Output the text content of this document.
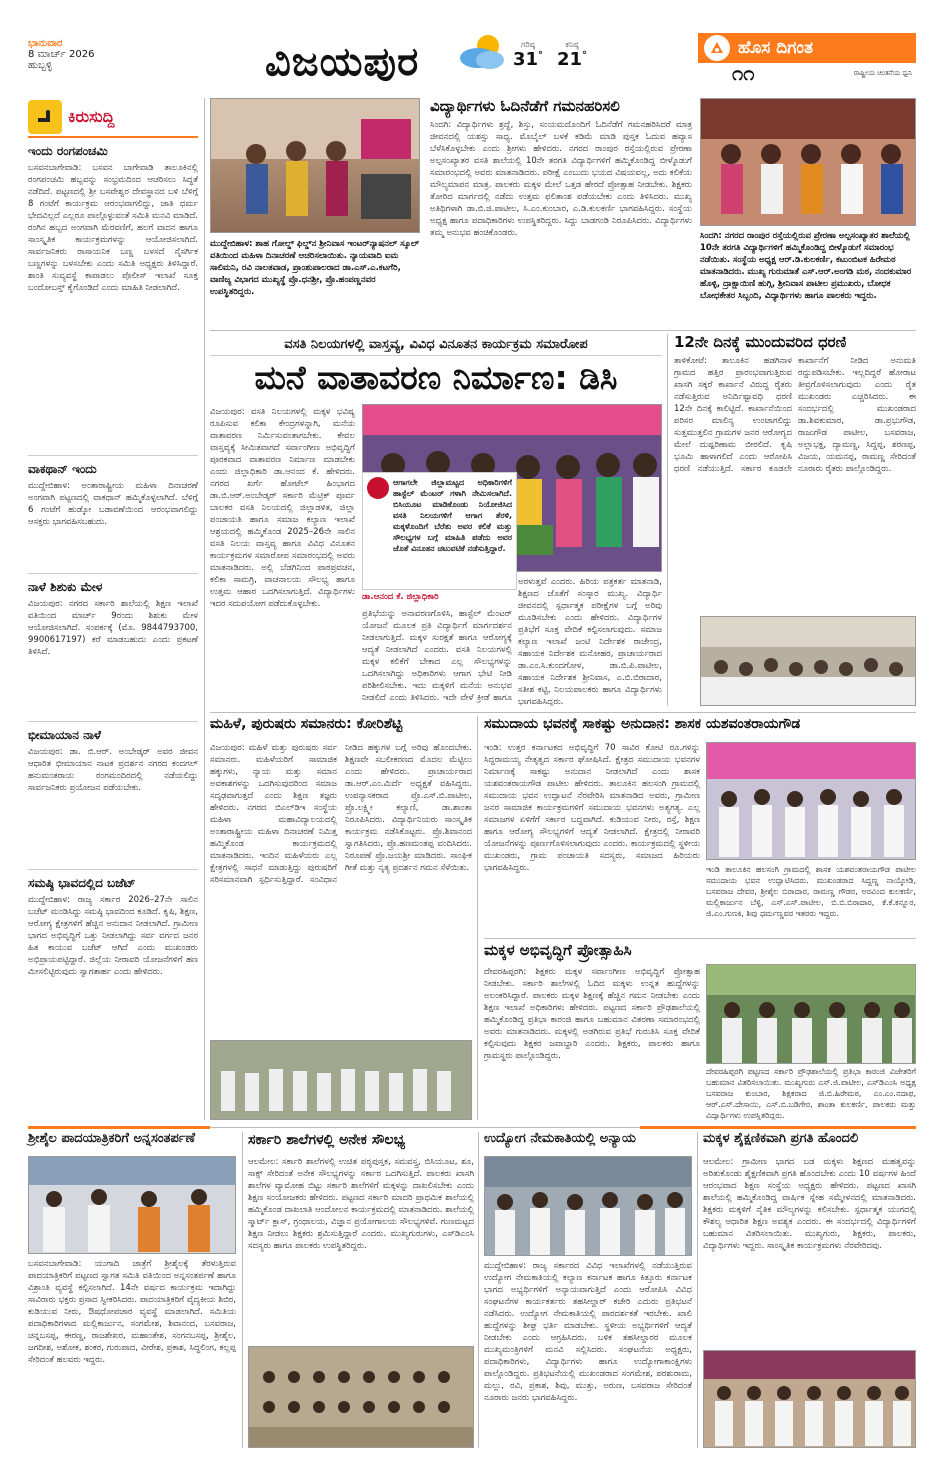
ಭಾನುವಾರ
8 ಮಾರ್ಚ್ 2026
ಹುಬ್ಬಳ್ಳಿ	ವಿಜಯಪುರ	ಗರಿಷ್ಠ
31°
ಕನಿಷ್ಠ
21°	ಹೊಸ ದಿಗಂತ
೧೧	ರಾಷ್ಟ್ರೀಯ ಚಿಂತನೆಯ ಧ್ವನಿ
ಕಿರುಸುದ್ದಿ
ಇಂದು ರಂಗಪಂಚಮಿ
ಬಸವನಬಾಗೇವಾಡಿ: ಬಸವನ ಬಾಗೇವಾಡಿ ತಾಲೂಕಿನಲ್ಲಿ ರಂಗಪಂಚಮಿ ಹಬ್ಬವನ್ನು ಸಂಭ್ರಮದಿಂದ ಆಚರಿಸಲು ಸಿದ್ಧತೆ ನಡೆದಿದೆ. ಪಟ್ಟಣದಲ್ಲಿ ಶ್ರೀ ಬಸವೇಶ್ವರ ದೇವಸ್ಥಾನದ ಬಳಿ ಬೆಳಿಗ್ಗೆ 8 ಗಂಟೆಗೆ ಕಾರ್ಯಕ್ರಮ ಆರಂಭವಾಗಲಿದ್ದು, ಜಾತಿ ಧರ್ಮ ಭೇದವಿಲ್ಲದೆ ಎಲ್ಲರೂ ಪಾಲ್ಗೊಳ್ಳುವಂತೆ ಸಮಿತಿ ಮನವಿ ಮಾಡಿದೆ. ರಂಗಿನ ಹಬ್ಬದ ಅಂಗವಾಗಿ ಮೆರವಣಿಗೆ, ಹಲಗೆ ವಾದನ ಹಾಗೂ ಸಾಂಸ್ಕೃತಿಕ ಕಾರ್ಯಕ್ರಮಗಳನ್ನು ಆಯೋಜಿಸಲಾಗಿದೆ. ಸಾರ್ವಜನಿಕರು ರಾಸಾಯನಿಕ ಬಣ್ಣ ಬಳಸದೆ ನೈಸರ್ಗಿಕ ಬಣ್ಣಗಳನ್ನು ಬಳಸಬೇಕು ಎಂದು ಸಮಿತಿ ಅಧ್ಯಕ್ಷರು ತಿಳಿಸಿದ್ದಾರೆ. ಶಾಂತಿ ಸುವ್ಯವಸ್ಥೆ ಕಾಪಾಡಲು ಪೊಲೀಸ್ ಇಲಾಖೆ ಸೂಕ್ತ ಬಂದೋಬಸ್ತ್ ಕೈಗೊಂಡಿದೆ ಎಂದು ಮಾಹಿತಿ ನೀಡಲಾಗಿದೆ.
ವಾಕಥಾನ್ ಇಂದು
ಮುದ್ದೇಬಿಹಾಳ: ಅಂತಾರಾಷ್ಟ್ರೀಯ ಮಹಿಳಾ ದಿನಾಚರಣೆ ಅಂಗವಾಗಿ ಪಟ್ಟಣದಲ್ಲಿ ವಾಕಥಾನ್ ಹಮ್ಮಿಕೊಳ್ಳಲಾಗಿದೆ. ಬೆಳಿಗ್ಗೆ 6 ಗಂಟೆಗೆ ಹುಡ್ಕೋ ಬಡಾವಣೆಯಿಂದ ಆರಂಭವಾಗಲಿದ್ದು ಆಸಕ್ತರು ಭಾಗವಹಿಸಬಹುದು.
ನಾಳೆ ಶಿಶುಕು ಮೇಳ
ವಿಜಯಪುರ: ನಗರದ ಸರ್ಕಾರಿ ಶಾಲೆಯಲ್ಲಿ ಶಿಕ್ಷಣ ಇಲಾಖೆ ವತಿಯಿಂದ ಮಾರ್ಚ್ 9ರಂದು ಶಿಶುಕು ಮೇಳ ಆಯೋಜಿಸಲಾಗಿದೆ. ಸಂಪರ್ಕಕ್ಕೆ (ಮೊ. 9844793700, 9900617197) ಕರೆ ಮಾಡಬಹುದು ಎಂದು ಪ್ರಕಟಣೆ ತಿಳಿಸಿದೆ.
ಭೀಮಾಯಾನ ನಾಳೆ
ವಿಜಯಪುರ: ಡಾ. ಬಿ.ಆರ್. ಅಂಬೇಡ್ಕರ್ ಅವರ ಜೀವನ ಆಧಾರಿತ ಭೀಮಾಯಾನ ನಾಟಕ ಪ್ರದರ್ಶನ ನಗರದ ಕಂದಗಲ್ ಹನುಮಂತರಾಯ ರಂಗಮಂದಿರದಲ್ಲಿ ನಡೆಯಲಿದ್ದು ಸಾರ್ವಜನಿಕರು ಪ್ರಯೋಜನ ಪಡೆಯಬೇಕು.
ಸಮಷ್ಠಿ ಭಾವದಲ್ಲಿದ ಬಜೆಟ್
ಮುದ್ದೇಬಿಹಾಳ: ರಾಜ್ಯ ಸರ್ಕಾರ 2026–27ನೇ ಸಾಲಿನ ಬಜೆಟ್ ಮಂಡಿಸಿದ್ದು ಸಮಷ್ಠಿ ಭಾವದಿಂದ ಕೂಡಿದೆ. ಕೃಷಿ, ಶಿಕ್ಷಣ, ಆರೋಗ್ಯ ಕ್ಷೇತ್ರಗಳಿಗೆ ಹೆಚ್ಚಿನ ಅನುದಾನ ನೀಡಲಾಗಿದೆ. ಗ್ರಾಮೀಣ ಭಾಗದ ಅಭಿವೃದ್ಧಿಗೆ ಒತ್ತು ನೀಡಲಾಗಿದ್ದು ಸರ್ವ ವರ್ಗದ ಜನರ ಹಿತ ಕಾಯುವ ಬಜೆಟ್ ಆಗಿದೆ ಎಂದು ಮುಖಂಡರು ಅಭಿಪ್ರಾಯಪಟ್ಟಿದ್ದಾರೆ. ಜಿಲ್ಲೆಯ ನೀರಾವರಿ ಯೋಜನೆಗಳಿಗೆ ಹಣ ಮೀಸಲಿಟ್ಟಿರುವುದು ಸ್ವಾಗತಾರ್ಹ ಎಂದು ಹೇಳಿದರು.
ಮುದ್ದೇಬಿಹಾಳ: ಶಾಹ ಗೋಲ್ಡ್ ಫಿಲ್ಡ್‌ನ ಶ್ರೀನಿವಾಸ ಇಂಟರ್‌ನ್ಯಾಷನಲ್ ಸ್ಕೂಲ್ ವತಿಯಿಂದ ಮಹಿಳಾ ದಿನಾಚರಣೆ ಆಚರಿಸಲಾಯಿತು. ನ್ಯಾಯವಾದಿ ಐಮ ಸಾಲಿಮನಿ, ರವಿ ನಾಲತವಾಡ, ಪ್ರಾಂಶುಪಾಲರಾದ ಡಾ.ಎಸ್.ಎ.ಕಟಗೆರಿ, ವಾಣಿಜ್ಯ ವಿಭಾಗದ ಮುಖ್ಯಸ್ಥೆ ಪ್ರೊ.ಧನಶ್ರೀ, ಪ್ರೊ.ಹಂಪಣ್ಣನವರ ಉಪಸ್ಥಿತರಿದ್ದರು.
ವಿದ್ಯಾರ್ಥಿಗಳು ಓದಿನೆಡೆಗೆ ಗಮನಹರಿಸಲಿ
ಸಿಂದಗಿ: ವಿದ್ಯಾರ್ಥಿಗಳು ಶ್ರದ್ಧೆ, ಶಿಸ್ತು, ಸಂಯಮದೊಂದಿಗೆ ಓದಿನೆಡೆಗೆ ಗಮನಹರಿಸಿದರೆ ಮಾತ್ರ ಜೀವನದಲ್ಲಿ ಯಶಸ್ಸು ಸಾಧ್ಯ. ಮೊಬೈಲ್ ಬಳಕೆ ಕಡಿಮೆ ಮಾಡಿ ಪುಸ್ತಕ ಓದುವ ಹವ್ಯಾಸ ಬೆಳೆಸಿಕೊಳ್ಳಬೇಕು ಎಂದು ಶ್ರೀಗಳು ಹೇಳಿದರು. ನಗರದ ರಾಂಪುರ ರಸ್ತೆಯಲ್ಲಿರುವ ಪ್ರೇರಣಾ ಅಲ್ಪಸಂಖ್ಯಾತರ ವಸತಿ ಶಾಲೆಯಲ್ಲಿ 10ನೇ ತರಗತಿ ವಿದ್ಯಾರ್ಥಿಗಳಿಗೆ ಹಮ್ಮಿಕೊಂಡಿದ್ದ ಬೀಳ್ಕೊಡುಗೆ ಸಮಾರಂಭದಲ್ಲಿ ಅವರು ಮಾತನಾಡಿದರು. ಪರೀಕ್ಷೆ ಎಂಬುದು ಭಯದ ವಿಷಯವಲ್ಲ, ಅದು ಕಲಿಕೆಯ ಮೌಲ್ಯಮಾಪನ ಮಾತ್ರ. ಪಾಲಕರು ಮಕ್ಕಳ ಮೇಲೆ ಒತ್ತಡ ಹೇರದೆ ಪ್ರೋತ್ಸಾಹ ನೀಡಬೇಕು. ಶಿಕ್ಷಕರು ತೋರಿದ ಮಾರ್ಗದಲ್ಲಿ ನಡೆದು ಉತ್ತಮ ಫಲಿತಾಂಶ ಪಡೆಯಬೇಕು ಎಂದು ತಿಳಿಸಿದರು. ಮುಖ್ಯ ಅತಿಥಿಗಳಾಗಿ ಡಾ.ಬಿ.ಜಿ.ಪಾಟೀಲ, ಸಿ.ಎಂ.ಕುಂಬಾರ, ಎ.ಡಿ.ಕುಲಕರ್ಣಿ ಭಾಗವಹಿಸಿದ್ದರು. ಸಂಸ್ಥೆಯ ಅಧ್ಯಕ್ಷ ಹಾಗೂ ಪದಾಧಿಕಾರಿಗಳು ಉಪಸ್ಥಿತರಿದ್ದರು. ಸಿದ್ದು ಬಾಡಗಂಡಿ ನಿರೂಪಿಸಿದರು. ವಿದ್ಯಾರ್ಥಿಗಳು ತಮ್ಮ ಅನುಭವ ಹಂಚಿಕೊಂಡರು.	ಸಿಂದಗಿ: ನಗರದ ರಾಂಪುರ ರಸ್ತೆಯಲ್ಲಿರುವ ಪ್ರೇರಣಾ ಅಲ್ಪಸಂಖ್ಯಾತರ ಶಾಲೆಯಲ್ಲಿ 10ನೇ ತರಗತಿ ವಿದ್ಯಾರ್ಥಿಗಳಿಗೆ ಹಮ್ಮಿಕೊಂಡಿದ್ದ ಬೀಳ್ಕೊಡುಗೆ ಸಮಾರಂಭ ನಡೆಯಿತು. ಸಂಸ್ಥೆಯ ಅಧ್ಯಕ್ಷ ಆರ್.ಡಿ.ಕುಲಕರ್ಣಿ, ಕಟುಂಬಿಟಕ ಹಿರೇಮಠ ಮಾತನಾಡಿದರು. ಮುಖ್ಯ ಗುರುಮಾತೆ ಎಸ್.ಆರ್.ಅಂಗಡಿ ಮಠ, ನಂದಕುಮಾರ ಹೊಳ್ಳಿ, ದ್ರಾಕ್ಷಾಯಿಣಿ ಹುಗ್ಗಿ, ಶ್ರೀನಿವಾಸ ಪಾಟೀಲ ಪ್ರಮುಖರು, ಬೋಧಕ ಬೋಧಕೇತರ ಸಿಬ್ಬಂದಿ, ವಿದ್ಯಾರ್ಥಿಗಳು ಹಾಗೂ ಪಾಲಕರು ಇದ್ದರು.
ವಸತಿ ನಿಲಯಗಳಲ್ಲಿ ವಾಸ್ತವ್ಯ, ವಿವಿಧ ವಿನೂತನ ಕಾರ್ಯಕ್ರಮ ಸಮಾರೋಪ
ಮನೆ ವಾತಾವರಣ ನಿರ್ಮಾಣ: ಡಿಸಿ
ವಿಜಯಪುರ: ವಸತಿ ನಿಲಯಗಳಲ್ಲಿ ಮಕ್ಕಳ ಭವಿಷ್ಯ ರೂಪಿಸುವ ಕಲಿಕಾ ಕೇಂದ್ರಗಳನ್ನಾಗಿ, ಮನೆಯ ವಾತಾವರಣ ನಿರ್ಮಿಸುವಂತಾಗಬೇಕು. ಕೇವಲ ವಾಸ್ತವ್ಯಕ್ಕೆ ಸೀಮಿತವಾಗದೆ ಸರ್ವಾಂಗೀಣ ಅಭಿವೃದ್ಧಿಗೆ ಪೂರಕವಾದ ವಾತಾವರಣ ನಿರ್ಮಾಣ ಮಾಡಬೇಕು ಎಂದು ಜಿಲ್ಲಾಧಿಕಾರಿ ಡಾ.ಆನಂದ ಕೆ. ಹೇಳಿದರು. ನಗರದ ಖರ್ಗೆ ಹೋಟೆಲ್ ಹಿಂಭಾಗದ ಡಾ.ಬಿ.ಆರ್.ಅಂಬೇಡ್ಕರ್ ಸರ್ಕಾರಿ ಮೆಟ್ರಿಕ್ ಪೂರ್ವ ಬಾಲಕರ ವಸತಿ ನಿಲಯದಲ್ಲಿ ಜಿಲ್ಲಾಡಳಿತ, ಜಿಲ್ಲಾ ಪಂಚಾಯತಿ ಹಾಗೂ ಸಮಾಜ ಕಲ್ಯಾಣ ಇಲಾಖೆ ಆಶ್ರಯದಲ್ಲಿ ಹಮ್ಮಿಕೊಂಡ 2025–26ನೇ ಸಾಲಿನ ವಸತಿ ನಿಲಯ ವಾಸ್ತವ್ಯ ಹಾಗೂ ವಿವಿಧ ವಿನೂತನ ಕಾರ್ಯಕ್ರಮಗಳ ಸಮಾರೋಪ ಸಮಾರಂಭದಲ್ಲಿ ಅವರು ಮಾತನಾಡಿದರು. ಅಲ್ಲಿ ಬೆಡಗಿನಿಂದ ಪಾಠಪ್ರವಚನ, ಕಲಿಕಾ ಸಾಮಗ್ರಿ, ವಾಚನಾಲಯ ಸೌಲಭ್ಯ ಹಾಗೂ ಉತ್ತಮ ಆಹಾರ ಒದಗಿಸಲಾಗುತ್ತಿದೆ. ವಿದ್ಯಾರ್ಥಿಗಳು ಇದರ ಸದುಪಯೋಗ ಪಡೆದುಕೊಳ್ಳಬೇಕು.
ಆಗಾಗಲೇ ಜಿಲ್ಲಾಮಟ್ಟದ ಅಧಿಕಾರಿಗಳಿಗೆ ಹಾಸ್ಟೆಲ್ ಮೆಂಟರ್ ಗಳಾಗಿ ನೇಮಿಸಲಾಗಿದೆ. ಬಿಸಿಯೂಟ ಮಾಡಿಕೊಂಡು ನಿಯೋಜಿಸಿದ ವಸತಿ ನಿಲಯಗಳಿಗೆ ಆಗಾಗ ತೆರಳಿ, ಮಕ್ಕಳೊಂದಿಗೆ ಬೆರೆತು ಅವರ ಕಲಿಕೆ ಮತ್ತು ಸೌಲಭ್ಯಗಳ ಬಗ್ಗೆ ಮಾಹಿತಿ ಪಡೆದು ಅವರ ಜೊತೆ ವಿನೂತನ ಚಟುವಟಿಕೆ ನಡೆಸುತ್ತಿದ್ದಾರೆ.
ಡಾ.ಆನಂದ ಕೆ. ಜಿಲ್ಲಾಧಿಕಾರಿ
ಅರಳುತ್ತವೆ ಎಂದರು. ಹಿರಿಯ ಪತ್ರಕರ್ತ ಮಾತನಾಡಿ, ಶಿಕ್ಷಣದ ಜೊತೆಗೆ ಸಂಸ್ಕಾರ ಮುಖ್ಯ. ವಿದ್ಯಾರ್ಥಿ ಜೀವನದಲ್ಲಿ ಸ್ಪರ್ಧಾತ್ಮಕ ಪರೀಕ್ಷೆಗಳ ಬಗ್ಗೆ ಅರಿವು ಮೂಡಿಸಬೇಕು ಎಂದು ಹೇಳಿದರು. ವಿದ್ಯಾರ್ಥಿಗಳ ಪ್ರತಿಭೆಗೆ ಸೂಕ್ತ ವೇದಿಕೆ ಕಲ್ಪಿಸಲಾಗುವುದು. ಸಮಾಜ ಕಲ್ಯಾಣ ಇಲಾಖೆ ಜಂಟಿ ನಿರ್ದೇಶಕ ರಾಜೇಂದ್ರ, ಸಹಾಯಕ ನಿರ್ದೇಶಕ ಮನೋಹರ, ಪ್ರಾಚಾರ್ಯರಾದ ಡಾ.ಎಂ.ಸಿ.ಕುಂದಗೋಳ, ಡಾ.ಬಿ.ಪಿ.ಪಾಟೀಲ, ಸಹಾಯಕ ನಿರ್ದೇಶಕ ಶ್ರೀನಿವಾಸ, ಎ.ಬಿ.ಬಿರಾದಾರ, ಸತೀಶ ಕಟ್ಟಿ, ನಿಲಯಪಾಲಕರು ಹಾಗೂ ವಿದ್ಯಾರ್ಥಿಗಳು ಭಾಗವಹಿಸಿದ್ದರು.
ಪ್ರತಿಭೆಯನ್ನು ಅನಾವರಣಗೊಳಿಸಿ, ಹಾಸ್ಟೆಲ್ ಮೆಂಟರ್ ಯೋಜನೆ ಮೂಲಕ ಪ್ರತಿ ವಿದ್ಯಾರ್ಥಿಗೆ ಮಾರ್ಗದರ್ಶನ ನೀಡಲಾಗುತ್ತಿದೆ. ಮಕ್ಕಳ ಸುರಕ್ಷತೆ ಹಾಗೂ ಆರೋಗ್ಯಕ್ಕೆ ಆದ್ಯತೆ ನೀಡಲಾಗಿದೆ ಎಂದರು. ವಸತಿ ನಿಲಯಗಳಲ್ಲಿ ಮಕ್ಕಳ ಕಲಿಕೆಗೆ ಬೇಕಾದ ಎಲ್ಲ ಸೌಲಭ್ಯಗಳನ್ನು ಒದಗಿಸಲಾಗಿದ್ದು ಅಧಿಕಾರಿಗಳು ಆಗಾಗ ಭೇಟಿ ನೀಡಿ ಪರಿಶೀಲಿಸಬೇಕು. ಇದು ಮಕ್ಕಳಿಗೆ ಮನೆಯ ಅನುಭವ ನೀಡಲಿದೆ ಎಂದು ತಿಳಿಸಿದರು. ಇದೇ ವೇಳೆ ಕ್ರೀಡೆ ಹಾಗೂ
12ನೇ ದಿನಕ್ಕೆ ಮುಂದುವರಿದ ಧರಣಿ
ತಾಳಿಕೋಟೆ: ತಾಲೂಕಿನ ಹಡಗಿನಾಳ ಗ್ರಾಮದ ಹತ್ತಿರ ಪ್ರಾರಂಭವಾಗುತ್ತಿರುವ ಖಾಸಗಿ ಸಕ್ಕರೆ ಕಾರ್ಖಾನೆ ವಿರುದ್ಧ ರೈತರು ನಡೆಸುತ್ತಿರುವ ಅನಿರ್ದಿಷ್ಟಾವಧಿ ಧರಣಿ 12ನೇ ದಿನಕ್ಕೆ ಕಾಲಿಟ್ಟಿದೆ. ಕಾರ್ಖಾನೆಯಿಂದ ಪರಿಸರ ಮಾಲಿನ್ಯ ಉಂಟಾಗಲಿದ್ದು ಸುತ್ತಮುತ್ತಲಿನ ಗ್ರಾಮಗಳ ಜನರ ಆರೋಗ್ಯದ ಮೇಲೆ ದುಷ್ಪರಿಣಾಮ ಬೀರಲಿದೆ. ಕೃಷಿ ಭೂಮಿ ಹಾಳಾಗಲಿದೆ ಎಂದು ಆರೋಪಿಸಿ ಧರಣಿ ನಡೆಯುತ್ತಿದೆ. ಸರ್ಕಾರ ಕೂಡಲೇ ಕಾರ್ಖಾನೆಗೆ ನೀಡಿದ ಅನುಮತಿ ರದ್ದುಪಡಿಸಬೇಕು. ಇಲ್ಲದಿದ್ದರೆ ಹೋರಾಟ ತೀವ್ರಗೊಳಿಸಲಾಗುವುದು ಎಂದು ರೈತ ಮುಖಂಡರು ಎಚ್ಚರಿಸಿದರು. ಈ ಸಂದರ್ಭದಲ್ಲಿ ಮುಖಂಡರಾದ ಡಾ.ಶಿವಕುಮಾರ, ಡಾ.ಪ್ರಭುಗೌಡ, ರಾಜುಗೌಡ ಪಾಟೀಲ, ಬಸವರಾಜ, ಅಲ್ಲಾಭಕ್ಷ, ದ್ಯಾಮಣ್ಣ, ಸಿದ್ದಪ್ಪ, ಶರಣಪ್ಪ, ವಿಜಯ, ಯಮನಪ್ಪ, ರಾಮಣ್ಣ ಸೇರಿದಂತೆ ನೂರಾರು ರೈತರು ಪಾಲ್ಗೊಂಡಿದ್ದರು.
ಮಹಿಳೆ, ಪುರುಷರು ಸಮಾನರು: ಕೋರಿಶೆಟ್ಟಿ
ವಿಜಯಪುರ: ಮಹಿಳೆ ಮತ್ತು ಪುರುಷರು ಸರ್ವ ಸಮಾನರು. ಮಹಿಳೆಯರಿಗೆ ಸಾಮಾಜಿಕ ಹಕ್ಕುಗಳು, ನ್ಯಾಯ ಮತ್ತು ಸಮಾನ ಅವಕಾಶಗಳನ್ನು ಒದಗಿಸುವುದರಿಂದ ಸಮಾಜ ಸದೃಢವಾಗುತ್ತದೆ ಎಂದು ಶಿಕ್ಷಣ ತಜ್ಞರು ಹೇಳಿದರು. ನಗರದ ಬಿಎಲ್‌ಡಿಇ ಸಂಸ್ಥೆಯ ಮಹಿಳಾ ಮಹಾವಿದ್ಯಾಲಯದಲ್ಲಿ ಅಂತಾರಾಷ್ಟ್ರೀಯ ಮಹಿಳಾ ದಿನಾಚರಣೆ ನಿಮಿತ್ತ ಹಮ್ಮಿಕೊಂಡ ಕಾರ್ಯಕ್ರಮದಲ್ಲಿ ಮಾತನಾಡಿದರು. ಇಂದಿನ ಮಹಿಳೆಯರು ಎಲ್ಲ ಕ್ಷೇತ್ರಗಳಲ್ಲಿ ಸಾಧನೆ ಮಾಡುತ್ತಿದ್ದು ಪುರುಷರಿಗೆ ಸರಿಸಮಾನವಾಗಿ ಸ್ಪರ್ಧಿಸುತ್ತಿದ್ದಾರೆ. ಸಂವಿಧಾನ ನೀಡಿದ ಹಕ್ಕುಗಳ ಬಗ್ಗೆ ಅರಿವು ಹೊಂದಬೇಕು. ಶಿಕ್ಷಣವೇ ಸಬಲೀಕರಣದ ಮೊದಲ ಮೆಟ್ಟಿಲು ಎಂದು ಹೇಳಿದರು. ಪ್ರಾಚಾರ್ಯರಾದ ಡಾ.ಆರ್.ಎಂ.ಮಿರ್ದೆ ಅಧ್ಯಕ್ಷತೆ ವಹಿಸಿದ್ದರು. ಉಪನ್ಯಾಸಕರಾದ ಪ್ರೊ.ಎಸ್.ಬಿ.ಪಾಟೀಲ, ಪ್ರೊ.ಲಕ್ಷ್ಮೀ ಕಲ್ಯಾಣಿ, ಡಾ.ಶಾಂತಾ ನಿರೂಪಿಸಿದರು. ವಿದ್ಯಾರ್ಥಿನಿಯರು ಸಾಂಸ್ಕೃತಿಕ ಕಾರ್ಯಕ್ರಮ ನಡೆಸಿಕೊಟ್ಟರು. ಪ್ರೊ.ಶಿವಾನಂದ ಸ್ವಾಗತಿಸಿದರು, ಪ್ರೊ.ಹಣಮಂತಪ್ಪ ವಂದಿಸಿದರು. ನಿರೂಪಣೆ ಪ್ರೊ.ಜಯಶ್ರೀ ಮಾಡಿದರು. ಸಾಂಘಿಕ ಗೀತೆ ಮತ್ತು ನೃತ್ಯ ಪ್ರದರ್ಶನ ಗಮನ ಸೆಳೆಯಿತು.
ಸಮುದಾಯ ಭವನಕ್ಕೆ ಸಾಕಷ್ಟು ಅನುದಾನ: ಶಾಸಕ ಯಶವಂತರಾಯಗೌಡ
ಇಂಡಿ: ಉತ್ತರ ಕರ್ನಾಟಕದ ಅಭಿವೃದ್ಧಿಗೆ 70 ಸಾವಿರ ಕೋಟಿ ರೂ.ಗಳನ್ನು ಸಿದ್ದರಾಮಯ್ಯ ನೇತೃತ್ವದ ಸರ್ಕಾರ ಘೋಷಿಸಿದೆ. ಕ್ಷೇತ್ರದ ಸಮುದಾಯ ಭವನಗಳ ನಿರ್ಮಾಣಕ್ಕೆ ಸಾಕಷ್ಟು ಅನುದಾನ ನೀಡಲಾಗಿದೆ ಎಂದು ಶಾಸಕ ಯಶವಂತರಾಯಗೌಡ ಪಾಟೀಲ ಹೇಳಿದರು. ತಾಲೂಕಿನ ಹಲಸಂಗಿ ಗ್ರಾಮದಲ್ಲಿ ಸಮುದಾಯ ಭವನ ಉದ್ಘಾಟನೆ ನೆರವೇರಿಸಿ ಮಾತನಾಡಿದ ಅವರು, ಗ್ರಾಮೀಣ ಜನರ ಸಾಮಾಜಿಕ ಕಾರ್ಯಕ್ರಮಗಳಿಗೆ ಸಮುದಾಯ ಭವನಗಳು ಅತ್ಯಗತ್ಯ. ಎಲ್ಲ ಸಮಾಜಗಳ ಏಳಿಗೆಗೆ ಸರ್ಕಾರ ಬದ್ಧವಾಗಿದೆ. ಕುಡಿಯುವ ನೀರು, ರಸ್ತೆ, ಶಿಕ್ಷಣ ಹಾಗೂ ಆರೋಗ್ಯ ಸೌಲಭ್ಯಗಳಿಗೆ ಆದ್ಯತೆ ನೀಡಲಾಗಿದೆ. ಕ್ಷೇತ್ರದಲ್ಲಿ ನೀರಾವರಿ ಯೋಜನೆಗಳನ್ನು ಪೂರ್ಣಗೊಳಿಸಲಾಗುವುದು ಎಂದರು. ಕಾರ್ಯಕ್ರಮದಲ್ಲಿ ಸ್ಥಳೀಯ ಮುಖಂಡರು, ಗ್ರಾಮ ಪಂಚಾಯತಿ ಸದಸ್ಯರು, ಸಮಾಜದ ಹಿರಿಯರು ಭಾಗವಹಿಸಿದ್ದರು.	ಇಂಡಿ ತಾಲೂಕಿನ ಹಲಸಂಗಿ ಗ್ರಾಮದಲ್ಲಿ ಶಾಸಕ ಯಶವಂತರಾಯಗೌಡ ಪಾಟೀಲ ಸಮುದಾಯ ಭವನ ಉದ್ಘಾಟಿಸಿದರು. ಮುಖಂಡರಾದ ಸಿದ್ದಣ್ಣ ನಾಯ್ಕೋಡಿ, ಬಸವರಾಜ ದೇವರ, ಶ್ರೀಶೈಲ ಬಿರಾದಾರ, ರಾಮಣ್ಣ ಗೌಡರ, ಅರವಿಂದ ಕುಲಕರ್ಣಿ, ಮಲ್ಲಿಕಾರ್ಜುನ ಬೆಳ್ಳಿ, ಎಸ್.ಎಸ್.ಪಾಟೀಲ, ಬಿ.ಬಿ.ಬಿರಾದಾರ, ಕೆ.ಕೆ.ಕನ್ನೂರ, ಜಿ.ಎಂ.ಗುಣಕಿ, ಶಿವು ಧರ್ಮಣ್ಣವರ ಇತರರು ಇದ್ದರು.
ಮಕ್ಕಳ ಅಭಿವೃದ್ಧಿಗೆ ಪ್ರೋತ್ಸಾಹಿಸಿ
ದೇವರಹಿಪ್ಪರಗಿ: ಶಿಕ್ಷಕರು ಮಕ್ಕಳ ಸರ್ವಾಂಗೀಣ ಅಭಿವೃದ್ಧಿಗೆ ಪ್ರೋತ್ಸಾಹ ನೀಡಬೇಕು. ಸರ್ಕಾರಿ ಶಾಲೆಗಳಲ್ಲಿ ಓದಿದ ಮಕ್ಕಳು ಉನ್ನತ ಹುದ್ದೆಗಳನ್ನು ಅಲಂಕರಿಸಿದ್ದಾರೆ. ಪಾಲಕರು ಮಕ್ಕಳ ಶಿಕ್ಷಣಕ್ಕೆ ಹೆಚ್ಚಿನ ಗಮನ ನೀಡಬೇಕು ಎಂದು ಶಿಕ್ಷಣ ಇಲಾಖೆ ಅಧಿಕಾರಿಗಳು ಹೇಳಿದರು. ಪಟ್ಟಣದ ಸರ್ಕಾರಿ ಪ್ರೌಢಶಾಲೆಯಲ್ಲಿ ಹಮ್ಮಿಕೊಂಡಿದ್ದ ಪ್ರತಿಭಾ ಕಾರಂಜಿ ಹಾಗೂ ಬಹುಮಾನ ವಿತರಣಾ ಸಮಾರಂಭದಲ್ಲಿ ಅವರು ಮಾತನಾಡಿದರು. ಮಕ್ಕಳಲ್ಲಿ ಅಡಗಿರುವ ಪ್ರತಿಭೆ ಗುರುತಿಸಿ ಸೂಕ್ತ ವೇದಿಕೆ ಕಲ್ಪಿಸುವುದು ಶಿಕ್ಷಕರ ಜವಾಬ್ದಾರಿ ಎಂದರು. ಶಿಕ್ಷಕರು, ಪಾಲಕರು ಹಾಗೂ ಗ್ರಾಮಸ್ಥರು ಪಾಲ್ಗೊಂಡಿದ್ದರು.
ದೇವರಹಿಪ್ಪರಗಿ ಪಟ್ಟಣದ ಸರ್ಕಾರಿ ಪ್ರೌಢಶಾಲೆಯಲ್ಲಿ ಪ್ರತಿಭಾ ಕಾರಂಜಿ ವಿಜೇತರಿಗೆ ಬಹುಮಾನ ವಿತರಿಸಲಾಯಿತು. ಮುಖ್ಯಗುರು ಎಸ್.ಜಿ.ಪಾಟೀಲ, ಎಸ್‌ಡಿಎಂಸಿ ಅಧ್ಯಕ್ಷ ಬಸವರಾಜ ಕುಂಬಾರ, ಶಿಕ್ಷಕರಾದ ಜಿ.ಬಿ.ಹಿರೇಮಠ, ಎಂ.ಎಂ.ನದಾಫ, ಆರ್.ಎಸ್.ದೇಸಾಯಿ, ಎಸ್.ಬಿ.ಬಡಿಗೇರ, ಶಾಂತಾ ಕುಲಕರ್ಣಿ, ಪಾಲಕರು ಮತ್ತು ವಿದ್ಯಾರ್ಥಿಗಳು ಉಪಸ್ಥಿತರಿದ್ದರು.
ಶ್ರೀಶೈಲ ಪಾದಯಾತ್ರಿಕರಿಗೆ ಅನ್ನಸಂತರ್ಪಣೆ
ಬಸವನಬಾಗೇವಾಡಿ: ಯುಗಾದಿ ಜಾತ್ರೆಗೆ ಶ್ರೀಶೈಲಕ್ಕೆ ತೆರಳುತ್ತಿರುವ ಪಾದಯಾತ್ರಿಕರಿಗೆ ಪಟ್ಟಣದ ಸ್ವಾಗತ ಸಮಿತಿ ವತಿಯಿಂದ ಅನ್ನಸಂತರ್ಪಣೆ ಹಾಗೂ ವಿಶ್ರಾಂತಿ ವ್ಯವಸ್ಥೆ ಕಲ್ಪಿಸಲಾಗಿದೆ. 14ನೇ ವರ್ಷದ ಕಾರ್ಯಕ್ರಮ ಇದಾಗಿದ್ದು ಸಾವಿರಾರು ಭಕ್ತರು ಪ್ರಸಾದ ಸ್ವೀಕರಿಸಿದರು. ಪಾದಯಾತ್ರಿಕರಿಗೆ ವೈದ್ಯಕೀಯ ಶಿಬಿರ, ಕುಡಿಯುವ ನೀರು, ಔಷಧೋಪಚಾರ ವ್ಯವಸ್ಥೆ ಮಾಡಲಾಗಿದೆ. ಸಮಿತಿಯ ಪದಾಧಿಕಾರಿಗಳಾದ ಮಲ್ಲಿಕಾರ್ಜುನ, ಸಂಗಮೇಶ, ಶಿವಾನಂದ, ಬಸವರಾಜ, ಚನ್ನಬಸಪ್ಪ, ಈರಣ್ಣ, ರಾಜಶೇಖರ, ಮಹಾಂತೇಶ, ಸಂಗನಬಸಪ್ಪ, ಶ್ರೀಶೈಲ, ಜಗದೀಶ, ಅಶೋಕ, ಶಂಕರ, ಗುರುಪಾದ, ವೀರೇಶ, ಪ್ರಕಾಶ, ಸಿದ್ಧಲಿಂಗ, ಕಲ್ಲಪ್ಪ ಸೇರಿದಂತೆ ಹಲವರು ಇದ್ದರು.
ಸರ್ಕಾರಿ ಶಾಲೆಗಳಲ್ಲಿ ಅನೇಕ ಸೌಲಭ್ಯ
ಆಲಮೇಲ: ಸರ್ಕಾರಿ ಶಾಲೆಗಳಲ್ಲಿ ಉಚಿತ ಪಠ್ಯಪುಸ್ತಕ, ಸಮವಸ್ತ್ರ, ಬಿಸಿಯೂಟ, ಶೂ, ಸಾಕ್ಸ್ ಸೇರಿದಂತೆ ಅನೇಕ ಸೌಲಭ್ಯಗಳನ್ನು ಸರ್ಕಾರ ಒದಗಿಸುತ್ತಿದೆ. ಪಾಲಕರು ಖಾಸಗಿ ಶಾಲೆಗಳ ವ್ಯಾಮೋಹ ಬಿಟ್ಟು ಸರ್ಕಾರಿ ಶಾಲೆಗಳಿಗೆ ಮಕ್ಕಳನ್ನು ದಾಖಲಿಸಬೇಕು ಎಂದು ಶಿಕ್ಷಣ ಸಂಯೋಜಕರು ಹೇಳಿದರು. ಪಟ್ಟಣದ ಸರ್ಕಾರಿ ಮಾದರಿ ಪ್ರಾಥಮಿಕ ಶಾಲೆಯಲ್ಲಿ ಹಮ್ಮಿಕೊಂಡ ದಾಖಲಾತಿ ಆಂದೋಲನ ಕಾರ್ಯಕ್ರಮದಲ್ಲಿ ಮಾತನಾಡಿದರು. ಶಾಲೆಯಲ್ಲಿ ಸ್ಮಾರ್ಟ್ ಕ್ಲಾಸ್, ಗ್ರಂಥಾಲಯ, ವಿಜ್ಞಾನ ಪ್ರಯೋಗಾಲಯ ಸೌಲಭ್ಯಗಳಿವೆ. ಗುಣಮಟ್ಟದ ಶಿಕ್ಷಣ ನೀಡಲು ಶಿಕ್ಷಕರು ಶ್ರಮಿಸುತ್ತಿದ್ದಾರೆ ಎಂದರು. ಮುಖ್ಯಗುರುಗಳು, ಎಸ್‌ಡಿಎಂಸಿ ಸದಸ್ಯರು ಹಾಗೂ ಪಾಲಕರು ಉಪಸ್ಥಿತರಿದ್ದರು.
ಉದ್ಯೋಗ ನೇಮಕಾತಿಯಲ್ಲಿ ಅನ್ಯಾಯ
ಮುದ್ದೇಬಿಹಾಳ: ರಾಜ್ಯ ಸರ್ಕಾರದ ವಿವಿಧ ಇಲಾಖೆಗಳಲ್ಲಿ ನಡೆಯುತ್ತಿರುವ ಉದ್ಯೋಗ ನೇಮಕಾತಿಯಲ್ಲಿ ಕಲ್ಯಾಣ ಕರ್ನಾಟಕ ಹಾಗೂ ಕಿತ್ತೂರು ಕರ್ನಾಟಕ ಭಾಗದ ಅಭ್ಯರ್ಥಿಗಳಿಗೆ ಅನ್ಯಾಯವಾಗುತ್ತಿದೆ ಎಂದು ಆರೋಪಿಸಿ ವಿವಿಧ ಸಂಘಟನೆಗಳ ಕಾರ್ಯಕರ್ತರು ತಹಸೀಲ್ದಾರ್ ಕಚೇರಿ ಎದುರು ಪ್ರತಿಭಟನೆ ನಡೆಸಿದರು. ಉದ್ಯೋಗ ನೇಮಕಾತಿಯಲ್ಲಿ ಪಾರದರ್ಶಕತೆ ಇರಬೇಕು. ಖಾಲಿ ಹುದ್ದೆಗಳನ್ನು ಶೀಘ್ರ ಭರ್ತಿ ಮಾಡಬೇಕು. ಸ್ಥಳೀಯ ಅಭ್ಯರ್ಥಿಗಳಿಗೆ ಆದ್ಯತೆ ನೀಡಬೇಕು ಎಂದು ಆಗ್ರಹಿಸಿದರು. ಬಳಿಕ ತಹಸೀಲ್ದಾರರ ಮೂಲಕ ಮುಖ್ಯಮಂತ್ರಿಗಳಿಗೆ ಮನವಿ ಸಲ್ಲಿಸಿದರು. ಸಂಘಟನೆಯ ಅಧ್ಯಕ್ಷರು, ಪದಾಧಿಕಾರಿಗಳು, ವಿದ್ಯಾರ್ಥಿಗಳು ಹಾಗೂ ಉದ್ಯೋಗಾಕಾಂಕ್ಷಿಗಳು ಪಾಲ್ಗೊಂಡಿದ್ದರು. ಪ್ರತಿಭಟನೆಯಲ್ಲಿ ಮುಖಂಡರಾದ ಸಂಗಮೇಶ, ಪರಶುರಾಮ, ಮಲ್ಲು, ರವಿ, ಪ್ರಕಾಶ, ಶಿವು, ಮುತ್ತು, ಅರುಣ, ಬಸವರಾಜ ಸೇರಿದಂತೆ ನೂರಾರು ಜನರು ಭಾಗವಹಿಸಿದ್ದರು.
ಮಕ್ಕಳ ಶೈಕ್ಷಣಿಕವಾಗಿ ಪ್ರಗತಿ ಹೊಂದಲಿ
ಆಲಮೇಲ: ಗ್ರಾಮೀಣ ಭಾಗದ ಬಡ ಮಕ್ಕಳು ಶಿಕ್ಷಣದ ಮಹತ್ವವನ್ನು ಅರಿತುಕೊಂಡು ಶೈಕ್ಷಣಿಕವಾಗಿ ಪ್ರಗತಿ ಹೊಂದಬೇಕು ಎಂದು 10 ವರ್ಷಗಳ ಹಿಂದೆ ಆರಂಭವಾದ ಶಿಕ್ಷಣ ಸಂಸ್ಥೆಯ ಅಧ್ಯಕ್ಷರು ಹೇಳಿದರು. ಪಟ್ಟಣದ ಖಾಸಗಿ ಶಾಲೆಯಲ್ಲಿ ಹಮ್ಮಿಕೊಂಡಿದ್ದ ವಾರ್ಷಿಕ ಸ್ನೇಹ ಸಮ್ಮೇಳನದಲ್ಲಿ ಮಾತನಾಡಿದರು. ಶಿಕ್ಷಕರು ಮಕ್ಕಳಿಗೆ ನೈತಿಕ ಮೌಲ್ಯಗಳನ್ನು ಕಲಿಸಬೇಕು. ಸ್ಪರ್ಧಾತ್ಮಕ ಯುಗದಲ್ಲಿ ಕೌಶಲ್ಯ ಆಧಾರಿತ ಶಿಕ್ಷಣ ಅವಶ್ಯಕ ಎಂದರು. ಈ ಸಂದರ್ಭದಲ್ಲಿ ವಿದ್ಯಾರ್ಥಿಗಳಿಗೆ ಬಹುಮಾನ ವಿತರಿಸಲಾಯಿತು. ಮುಖ್ಯಗುರು, ಶಿಕ್ಷಕರು, ಪಾಲಕರು, ವಿದ್ಯಾರ್ಥಿಗಳು ಇದ್ದರು. ಸಾಂಸ್ಕೃತಿಕ ಕಾರ್ಯಕ್ರಮಗಳು ನೆರವೇರಿದವು.
